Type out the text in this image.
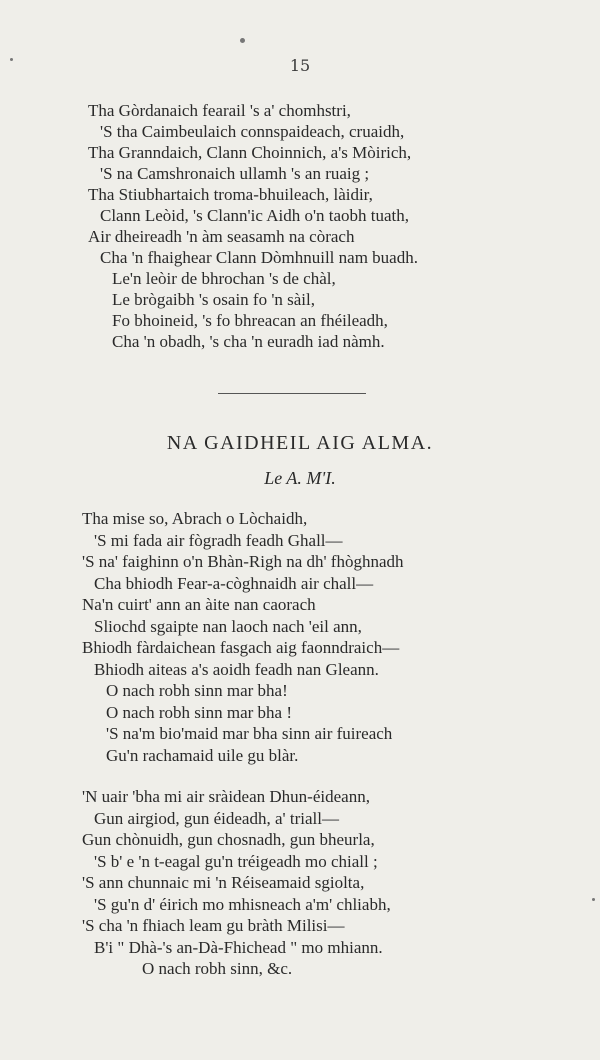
15
Tha Gòrdanaich fearail 's a' chomhstri,
'S tha Caimbeulaich connspaideach, cruaidh,
Tha Granndaich, Clann Choinnich, a's Mòirich,
'S na Camshronaich ullamh 's an ruaig ;
Tha Stiubhartaich troma-bhuileach, làidir,
Clann Leòid, 's Clann'ic Aidh o'n taobh tuath,
Air dheireadh 'n àm seasamh na còrach
Cha 'n fhaighear Clann Dòmhnuill nam buadh.
Le'n leòir de bhrochan 's de chàl,
Le brògaibh 's osain fo 'n sàil,
Fo bhoineid, 's fo bhreacan an fhéileadh,
Cha 'n obadh, 's cha 'n euradh iad nàmh.
NA GAIDHEIL AIG ALMA.
Le A. M'I.
Tha mise so, Abrach o Lòchaidh,
'S mi fada air fògradh feadh Ghall—
'S na' faighinn o'n Bhàn-Righ na dh' fhòghnadh
Cha bhiodh Fear-a-còghnaidh air chall—
Na'n cuirt' ann an àite nan caorach
Sliochd sgaipte nan laoch nach 'eil ann,
Bhiodh fàrdaichean fasgach aig faonndraich—
Bhiodh aiteas a's aoidh feadh nan Gleann.
O nach robh sinn mar bha!
O nach robh sinn mar bha !
'S na'm bio'maid mar bha sinn air fuireach
Gu'n rachamaid uile gu blàr.
'N uair 'bha mi air sràidean Dhun-éideann,
Gun airgiod, gun éideadh, a' triall—
Gun chònuidh, gun chosnadh, gun bheurla,
'S b' e 'n t-eagal gu'n tréigeadh mo chiall ;
'S ann chunnaic mi 'n Réiseamaid sgiolta,
'S gu'n d' éirich mo mhisneach a'm' chliabh,
'S cha 'n fhiach leam gu bràth Milisi—
B'i " Dhà-'s an-Dà-Fhichead " mo mhiann.
O nach robh sinn, &c.
